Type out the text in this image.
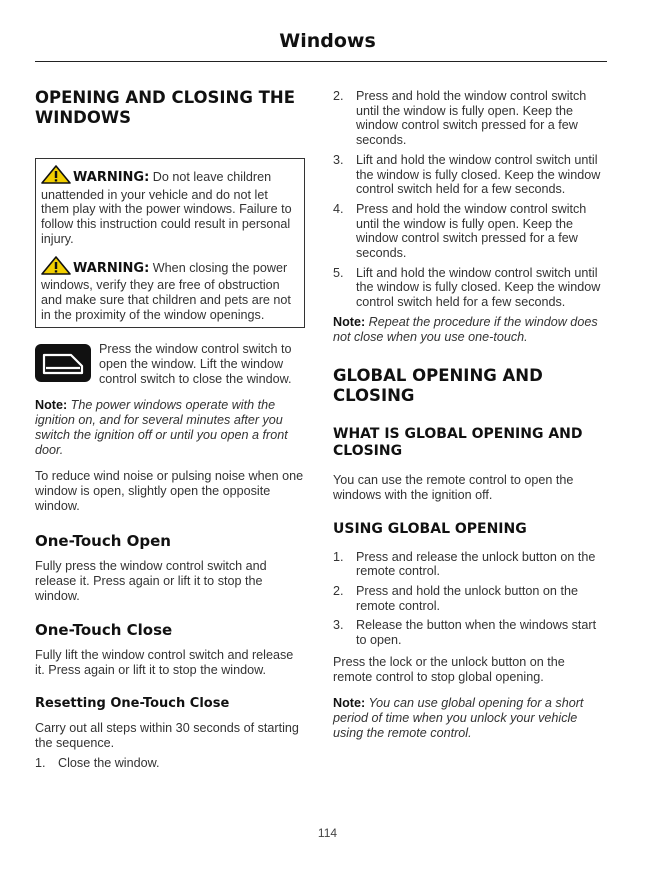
Windows
OPENING AND CLOSING THE WINDOWS
WARNING: Do not leave children unattended in your vehicle and do not let them play with the power windows. Failure to follow this instruction could result in personal injury.
WARNING: When closing the power windows, verify they are free of obstruction and make sure that children and pets are not in the proximity of the window openings.

Press the window control switch to open the window. Lift the window control switch to close the window.

Note: The power windows operate with the ignition on, and for several minutes after you switch the ignition off or until you open a front door.

To reduce wind noise or pulsing noise when one window is open, slightly open the opposite window.

One-Touch Open

Fully press the window control switch and release it. Press again or lift it to stop the window.

One-Touch Close

Fully lift the window control switch and release it. Press again or lift it to stop the window.

Resetting One-Touch Close

Carry out all steps within 30 seconds of starting the sequence.

1. Close the window.
2. Press and hold the window control switch until the window is fully open. Keep the window control switch pressed for a few seconds.
3. Lift and hold the window control switch until the window is fully closed. Keep the window control switch held for a few seconds.
4. Press and hold the window control switch until the window is fully open. Keep the window control switch pressed for a few seconds.
5. Lift and hold the window control switch until the window is fully closed. Keep the window control switch held for a few seconds.

Note: Repeat the procedure if the window does not close when you use one-touch.

GLOBAL OPENING AND CLOSING
WHAT IS GLOBAL OPENING AND CLOSING

You can use the remote control to open the windows with the ignition off.

USING GLOBAL OPENING
1. Press and release the unlock button on the remote control.
2. Press and hold the unlock button on the remote control.
3. Release the button when the windows start to open.

Press the lock or the unlock button on the remote control to stop global opening.

Note: You can use global opening for a short period of time when you unlock your vehicle using the remote control.

114
